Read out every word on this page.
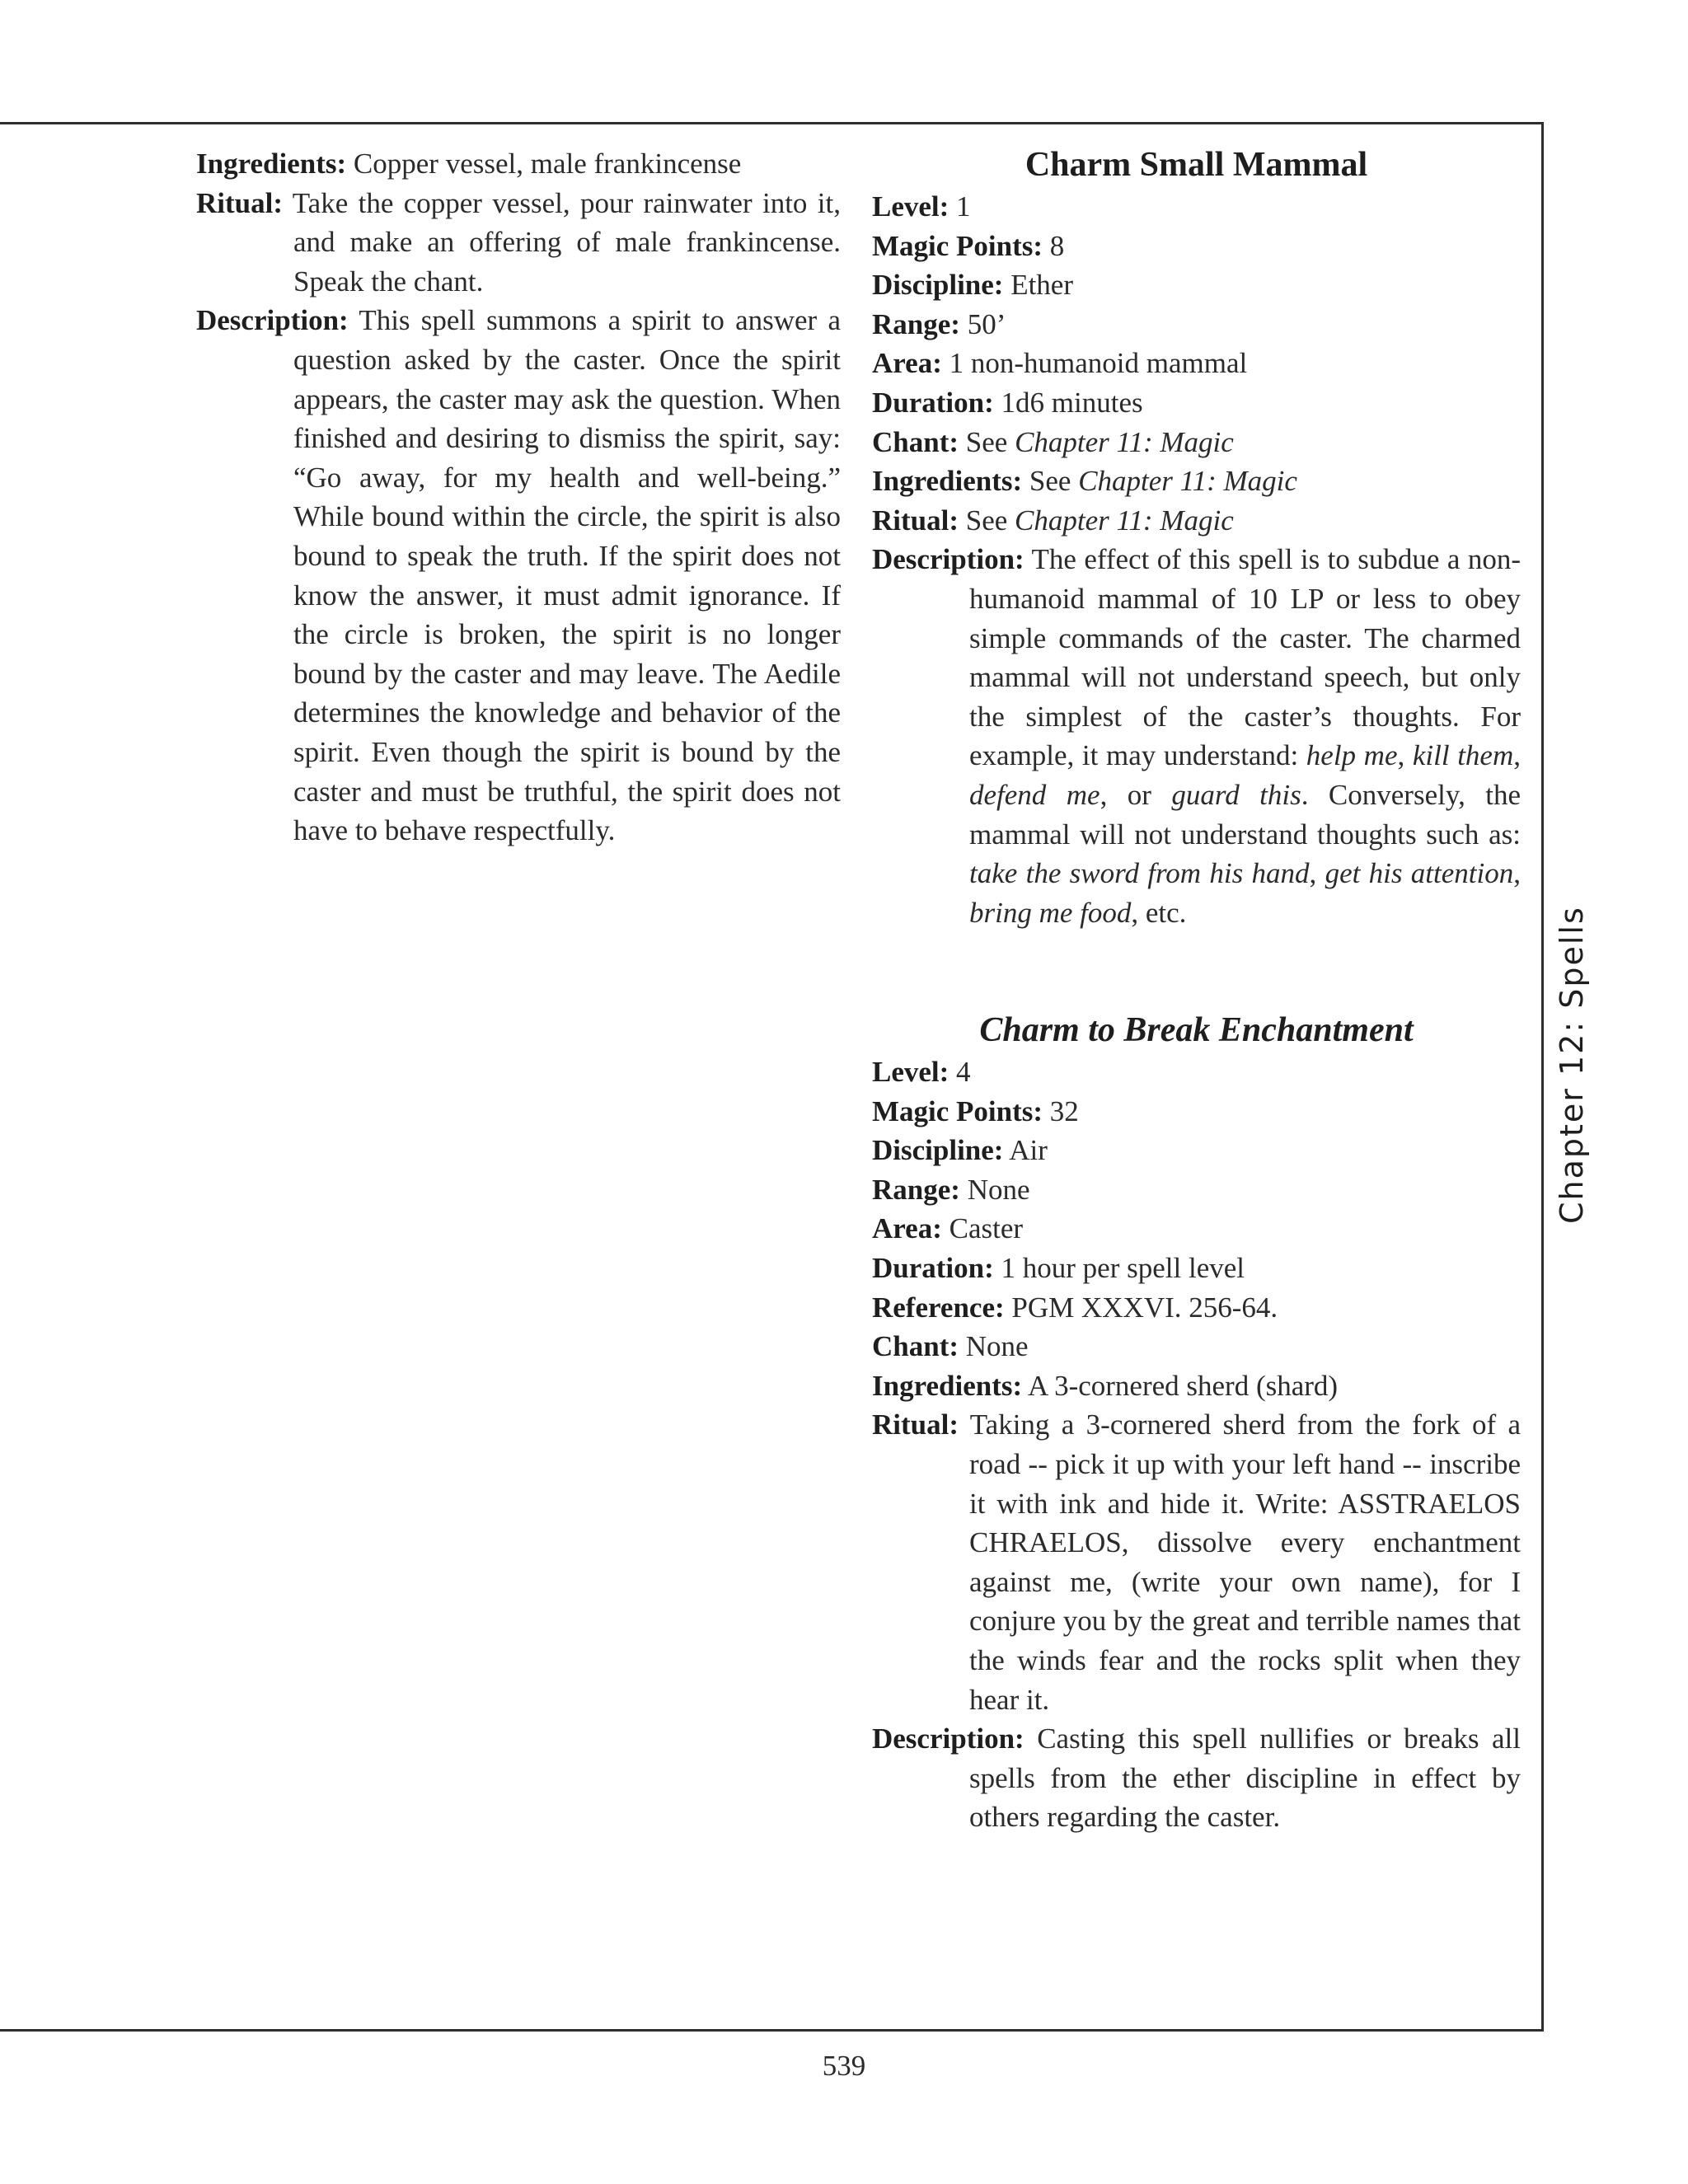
Ingredients: Copper vessel, male frankincense

Ritual: Take the copper vessel, pour rainwater into it, and make an offering of male frankincense. Speak the chant.

Description: This spell summons a spirit to answer a question asked by the caster. Once the spirit appears, the caster may ask the question. When finished and desiring to dismiss the spirit, say: “Go away, for my health and well-being.” While bound within the circle, the spirit is also bound to speak the truth. If the spirit does not know the answer, it must admit ignorance. If the circle is broken, the spirit is no longer bound by the caster and may leave. The Aedile determines the knowledge and behavior of the spirit. Even though the spirit is bound by the caster and must be truthful, the spirit does not have to behave respectfully.

Charm Small Mammal

Level: 1

Magic Points: 8

Discipline: Ether

Range: 50’

Area: 1 non-humanoid mammal

Duration: 1d6 minutes

Chant: See Chapter 11: Magic

Ingredients: See Chapter 11: Magic

Ritual: See Chapter 11: Magic

Description: The effect of this spell is to subdue a non-humanoid mammal of 10 LP or less to obey simple commands of the caster. The charmed mammal will not understand speech, but only the simplest of the caster’s thoughts. For example, it may understand: help me, kill them, defend me, or guard this. Conversely, the mammal will not understand thoughts such as: take the sword from his hand, get his attention, bring me food, etc.

Charm to Break Enchantment

Level: 4

Magic Points: 32

Discipline: Air

Range: None

Area: Caster

Duration: 1 hour per spell level

Reference: PGM XXXVI. 256-64.

Chant: None

Ingredients: A 3-cornered sherd (shard)

Ritual: Taking a 3-cornered sherd from the fork of a road -- pick it up with your left hand -- inscribe it with ink and hide it. Write: ASSTRAELOS CHRAELOS, dissolve every enchantment against me, (write your own name), for I conjure you by the great and terrible names that the winds fear and the rocks split when they hear it.

Description: Casting this spell nullifies or breaks all spells from the ether discipline in effect by others regarding the caster.

Chapter 12: Spells
539
